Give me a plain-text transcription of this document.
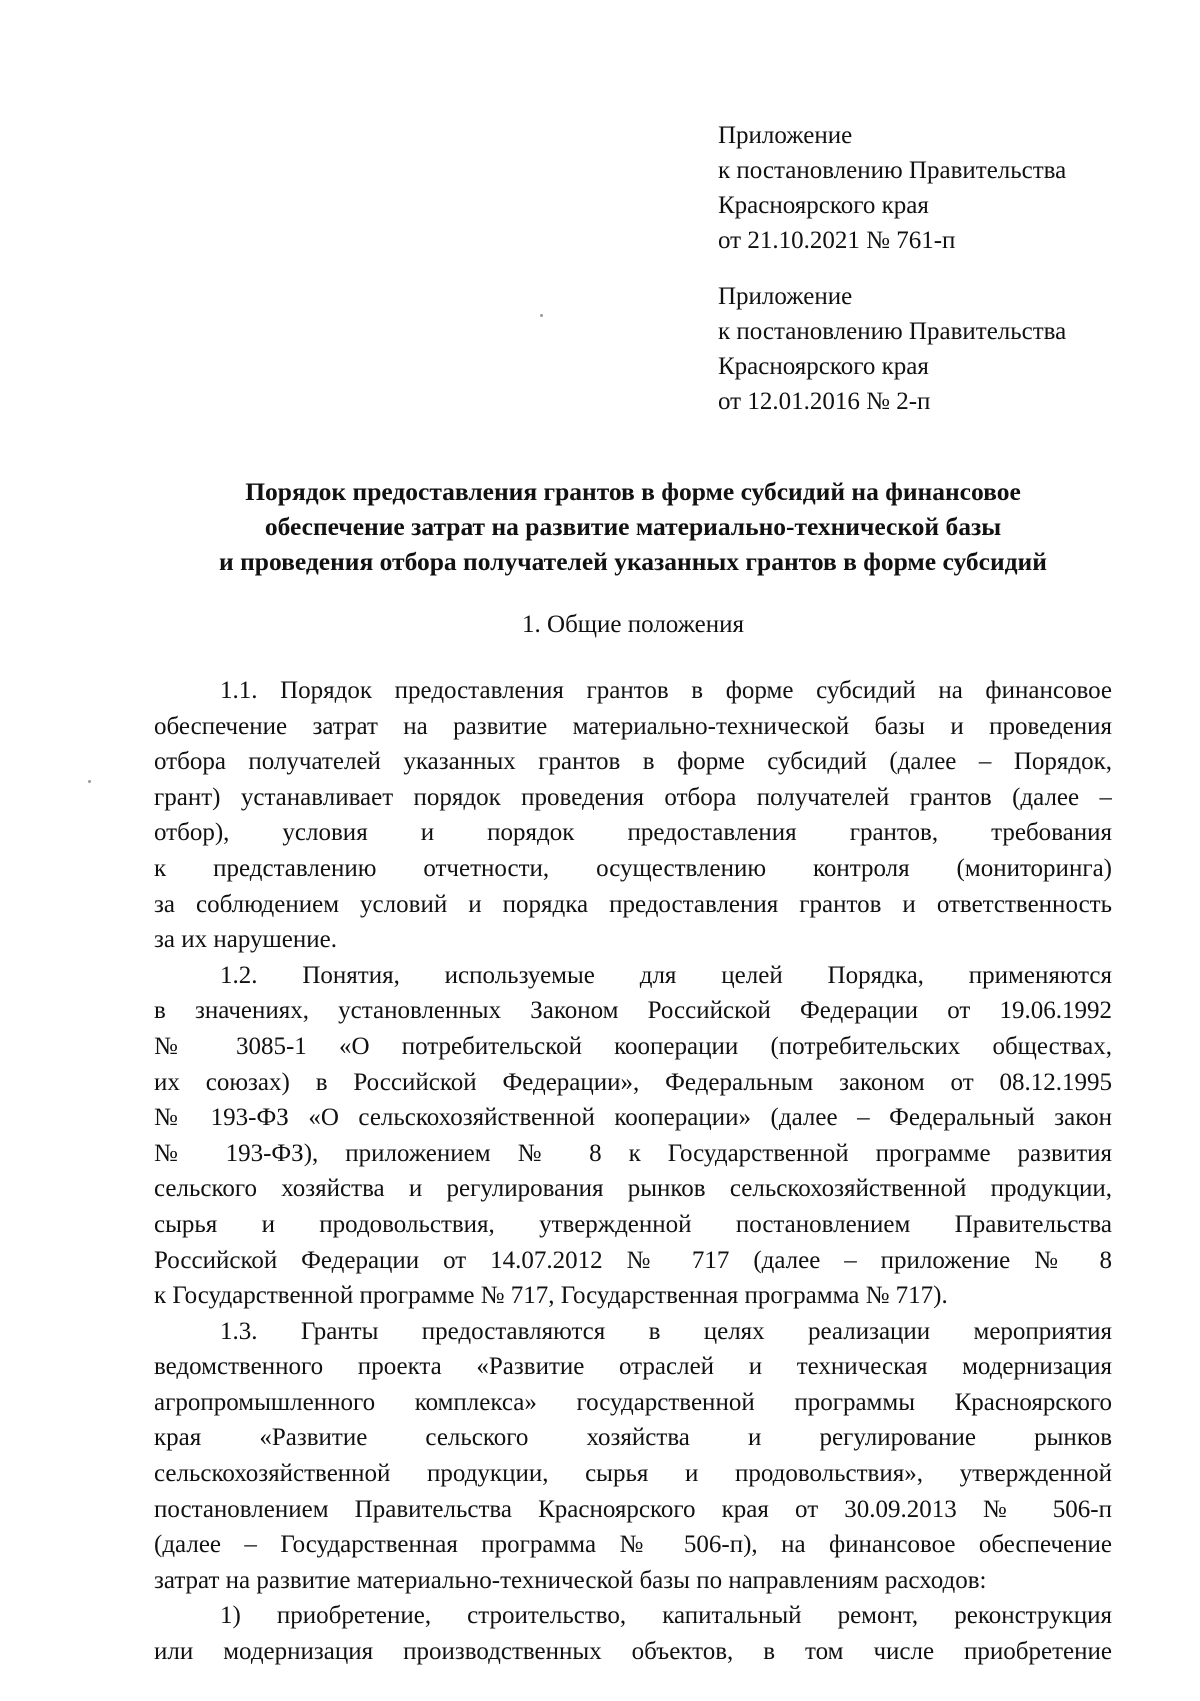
Приложение
к постановлению Правительства
Красноярского края
от 21.10.2021 № 761-п
Приложение
к постановлению Правительства
Красноярского края
от 12.01.2016 № 2-п
Порядок предоставления грантов в форме субсидий на финансовое
обеспечение затрат на развитие материально-технической базы
и проведения отбора получателей указанных грантов в форме субсидий
1. Общие положения
1.1. Порядок предоставления грантов в форме субсидий на финансовое
обеспечение затрат на развитие материально-технической базы и проведения
отбора получателей указанных грантов в форме субсидий (далее – Порядок,
грант) устанавливает порядок проведения отбора получателей грантов (далее –
отбор), условия и порядок предоставления грантов, требования
к представлению отчетности, осуществлению контроля (мониторинга)
за соблюдением условий и порядка предоставления грантов и ответственность
за их нарушение.
1.2. Понятия, используемые для целей Порядка, применяются
в значениях, установленных Законом Российской Федерации от 19.06.1992
№ 3085-1 «О потребительской кооперации (потребительских обществах,
их союзах) в Российской Федерации», Федеральным законом от 08.12.1995
№ 193-ФЗ «О сельскохозяйственной кооперации» (далее – Федеральный закон
№ 193-ФЗ), приложением № 8 к Государственной программе развития
сельского хозяйства и регулирования рынков сельскохозяйственной продукции,
сырья и продовольствия, утвержденной постановлением Правительства
Российской Федерации от 14.07.2012 № 717 (далее – приложение № 8
к Государственной программе № 717, Государственная программа № 717).
1.3. Гранты предоставляются в целях реализации мероприятия
ведомственного проекта «Развитие отраслей и техническая модернизация
агропромышленного комплекса» государственной программы Красноярского
края «Развитие сельского хозяйства и регулирование рынков
сельскохозяйственной продукции, сырья и продовольствия», утвержденной
постановлением Правительства Красноярского края от 30.09.2013 № 506-п
(далее – Государственная программа № 506-п), на финансовое обеспечение
затрат на развитие материально-технической базы по направлениям расходов:
1) приобретение, строительство, капитальный ремонт, реконструкция
или модернизация производственных объектов, в том числе приобретение
